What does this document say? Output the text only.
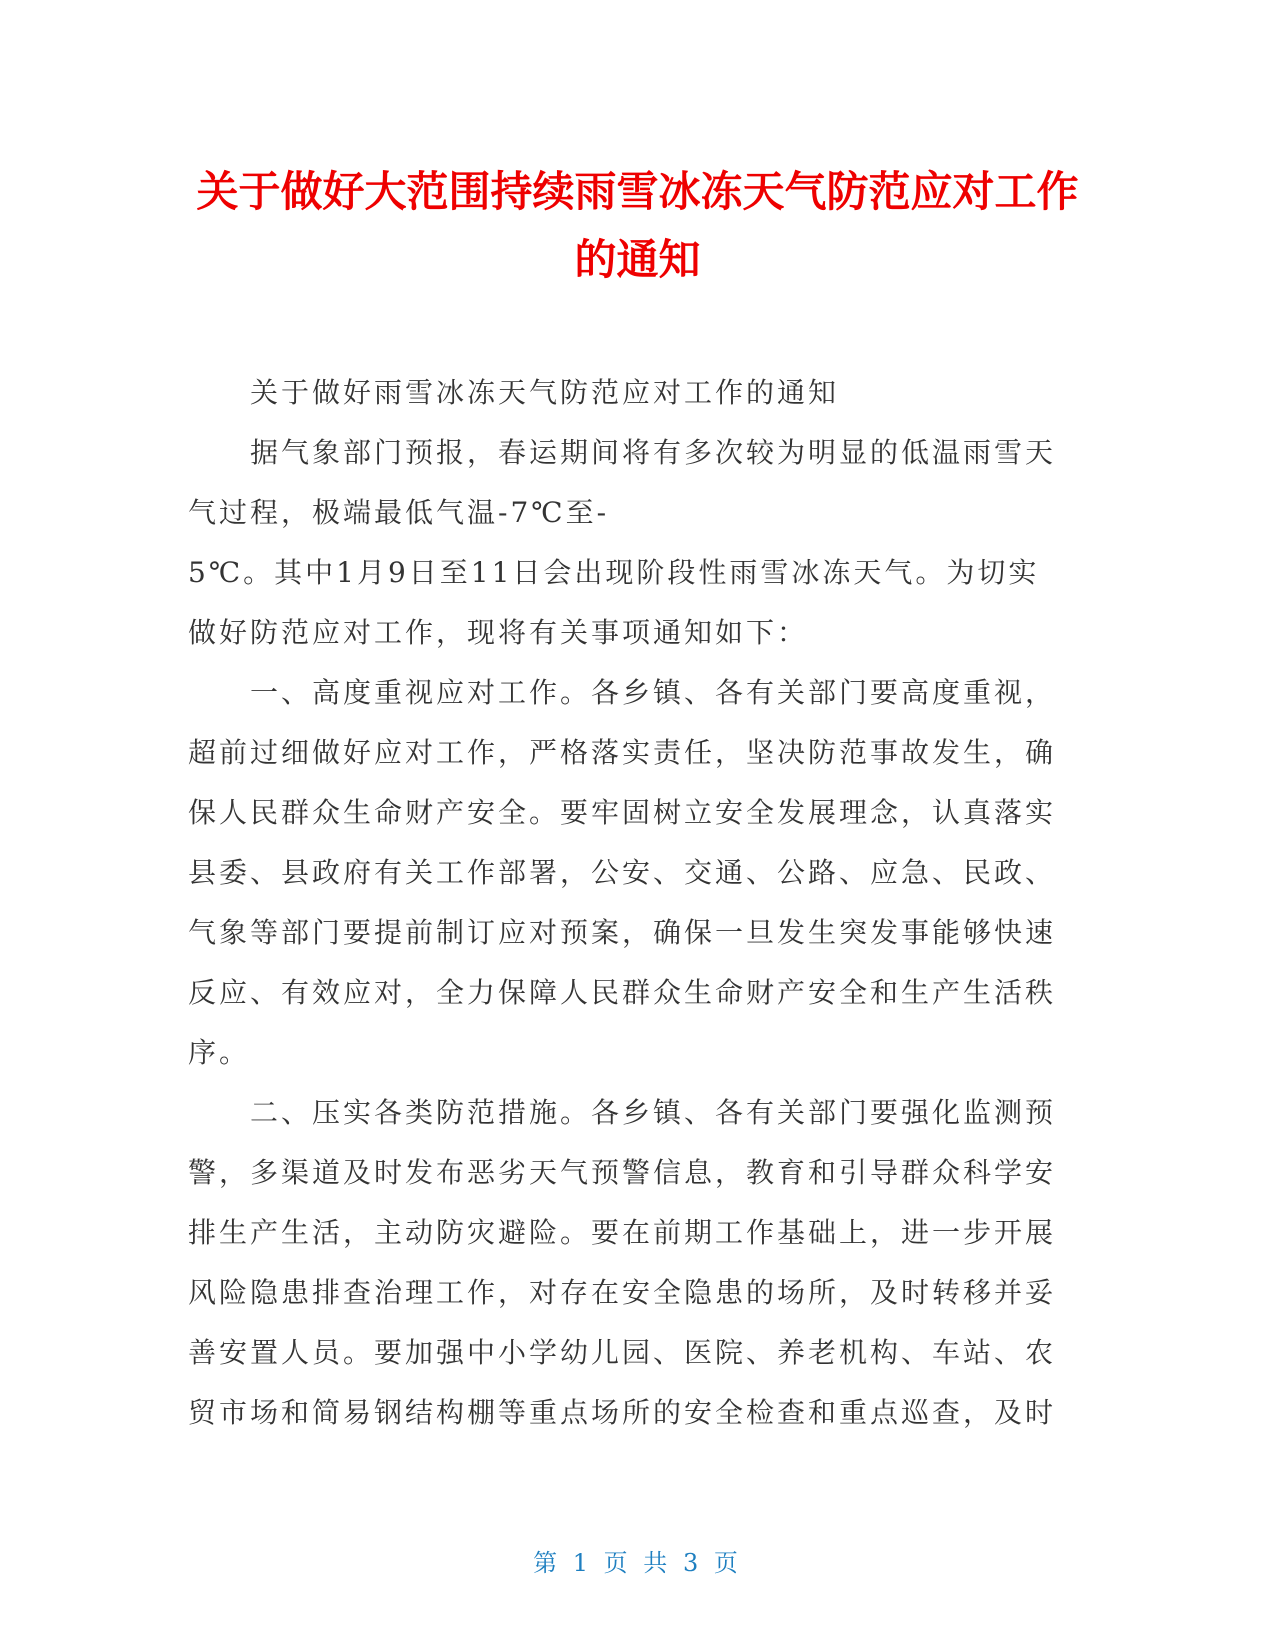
关于做好大范围持续雨雪冰冻天气防范应对工作的通知

关于做好雨雪冰冻天气防范应对工作的通知

据气象部门预报，春运期间将有多次较为明显的低温雨雪天气过程，极端最低气温-7℃至-

5℃。其中1月9日至11日会出现阶段性雨雪冰冻天气。为切实做好防范应对工作，现将有关事项通知如下：

一、高度重视应对工作。各乡镇、各有关部门要高度重视，超前过细做好应对工作，严格落实责任，坚决防范事故发生，确保人民群众生命财产安全。要牢固树立安全发展理念，认真落实县委、县政府有关工作部署，公安、交通、公路、应急、民政、气象等部门要提前制订应对预案，确保一旦发生突发事能够快速反应、有效应对，全力保障人民群众生命财产安全和生产生活秩序。

二、压实各类防范措施。各乡镇、各有关部门要强化监测预警，多渠道及时发布恶劣天气预警信息，教育和引导群众科学安排生产生活，主动防灾避险。要在前期工作基础上，进一步开展风险隐患排查治理工作，对存在安全隐患的场所，及时转移并妥善安置人员。要加强中小学幼儿园、医院、养老机构、车站、农贸市场和简易钢结构棚等重点场所的安全检查和重点巡查，及时

第 1 页 共 3 页
